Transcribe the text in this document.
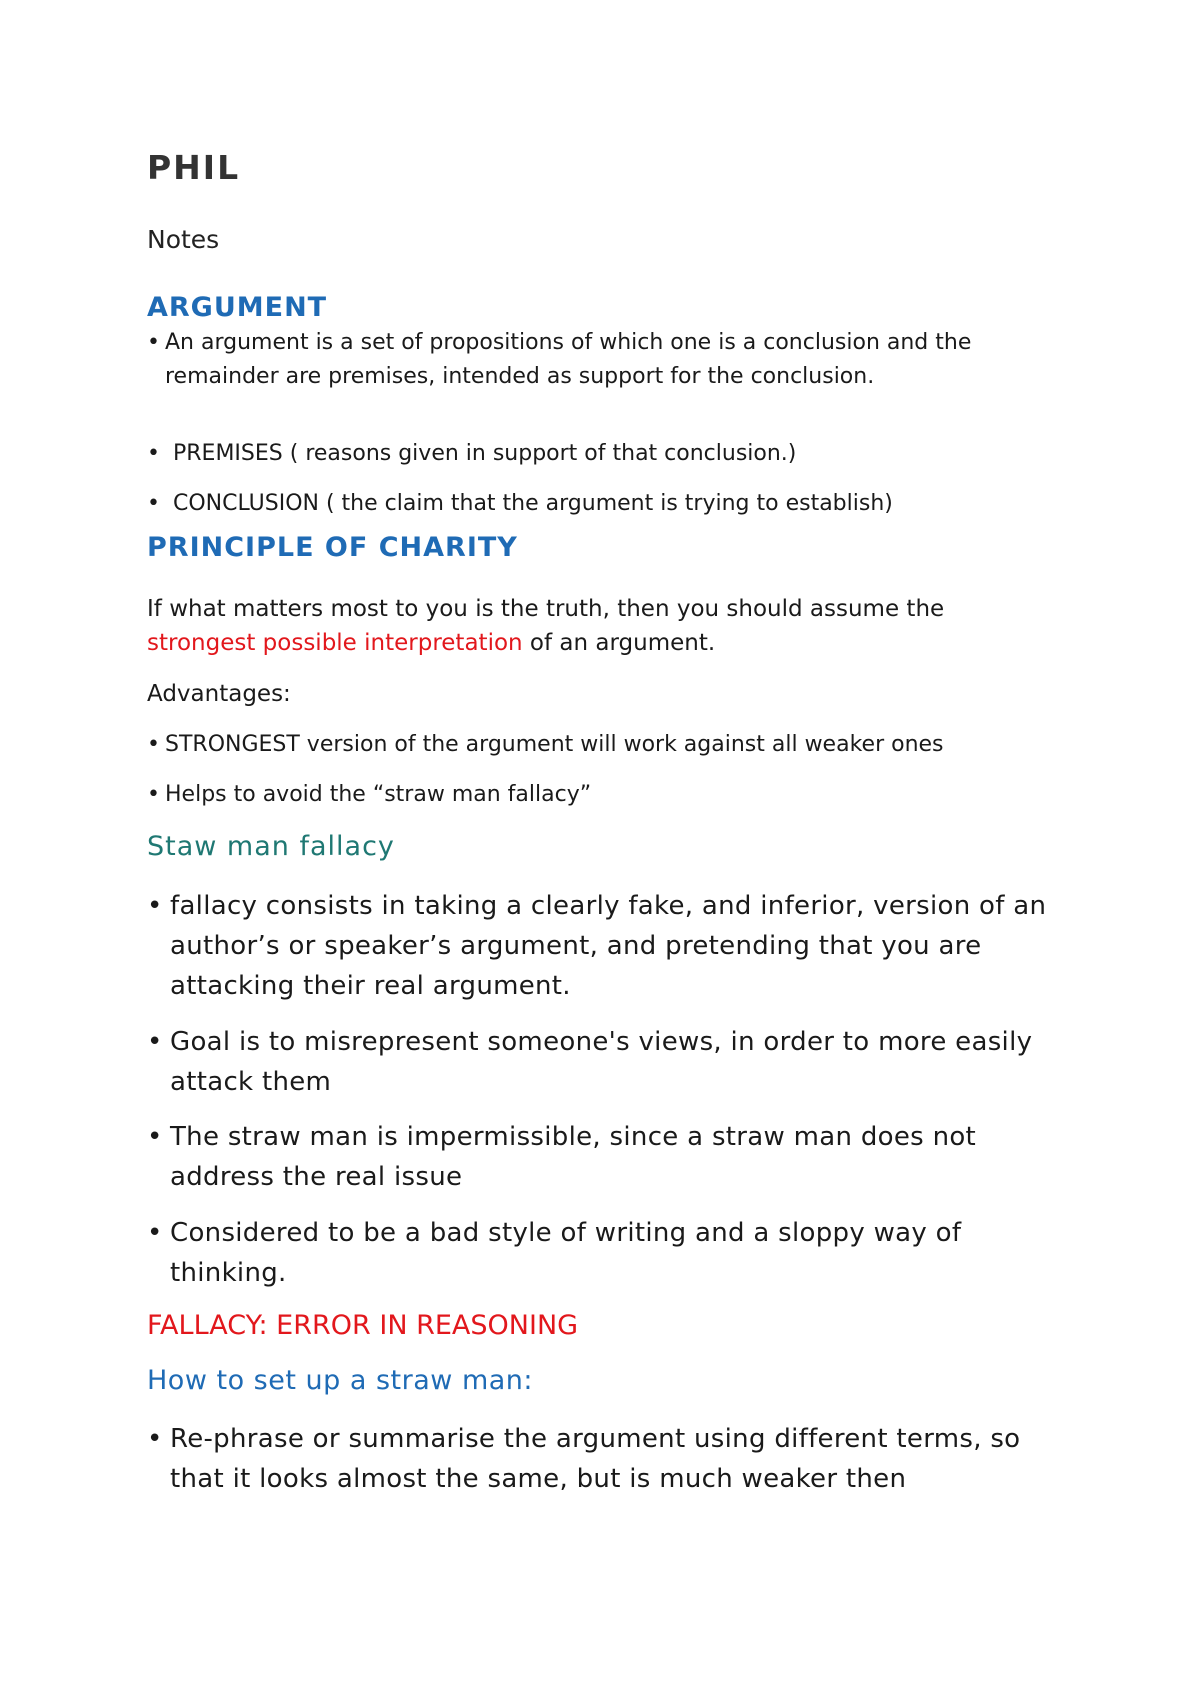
PHIL

Notes

ARGUMENT
• An argument is a set of propositions of which one is a conclusion and the remainder are premises, intended as support for the conclusion.
• PREMISES ( reasons given in support of that conclusion.)
• CONCLUSION ( the claim that the argument is trying to establish)
PRINCIPLE OF CHARITY

If what matters most to you is the truth, then you should assume the
strongest possible interpretation of an argument.

Advantages:

• STRONGEST version of the argument will work against all weaker ones
• Helps to avoid the “straw man fallacy”
Staw man fallacy
• fallacy consists in taking a clearly fake, and inferior, version of an author’s or speaker’s argument, and pretending that you are attacking their real argument.
• Goal is to misrepresent someone's views, in order to more easily attack them
• The straw man is impermissible, since a straw man does not address the real issue
• Considered to be a bad style of writing and a sloppy way of thinking.
FALLACY: ERROR IN REASONING
How to set up a straw man:
• Re-phrase or summarise the argument using different terms, so that it looks almost the same, but is much weaker then
